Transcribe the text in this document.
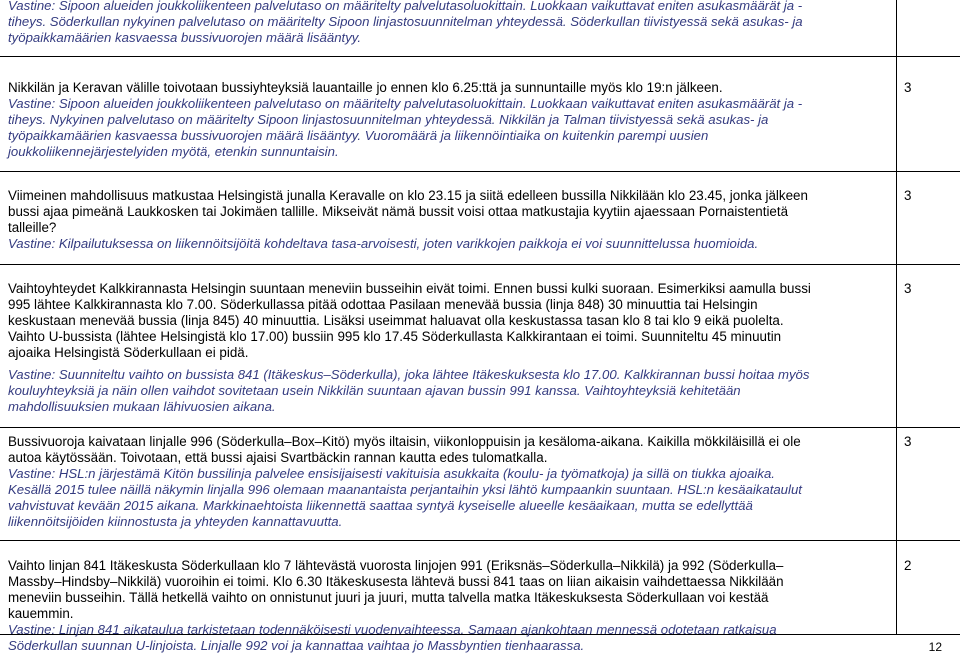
Vastine: Sipoon alueiden joukkoliikenteen palvelutaso on määritelty palvelutasoluokittain. Luokkaan vaikuttavat eniten asukasmäärät ja -tiheys. Söderkullan nykyinen palvelutaso on määritelty Sipoon linjastosuunnitelman yhteydessä. Söderkullan tiivistyessä sekä asukas- ja työpaikkamäärien kasvaessa bussivuorojen määrä lisääntyy.

Nikkilän ja Keravan välille toivotaan bussiyhteyksiä lauantaille jo ennen klo 6.25:ttä ja sunnuntaille myös klo 19:n jälkeen.

Vastine: Sipoon alueiden joukkoliikenteen palvelutaso on määritelty palvelutasoluokittain. Luokkaan vaikuttavat eniten asukasmäärät ja -tiheys. Nykyinen palvelutaso on määritelty Sipoon linjastosuunnitelman yhteydessä. Nikkilän ja Talman tiivistyessä sekä asukas- ja työpaikkamäärien kasvaessa bussivuorojen määrä lisääntyy. Vuoromäärä ja liikennöintiaika on kuitenkin parempi uusien joukkoliikennejärjestelyiden myötä, etenkin sunnuntaisin.

3

Viimeinen mahdollisuus matkustaa Helsingistä junalla Keravalle on klo 23.15 ja siitä edelleen bussilla Nikkilään klo 23.45, jonka jälkeen bussi ajaa pimeänä Laukkosken tai Jokimäen tallille. Mikseivät nämä bussit voisi ottaa matkustajia kyytiin ajaessaan Pornaistentietä talleille?

Vastine: Kilpailutuksessa on liikennöitsijöitä kohdeltava tasa-arvoisesti, joten varikkojen paikkoja ei voi suunnittelussa huomioida.

3

Vaihtoyhteydet Kalkkirannasta Helsingin suuntaan meneviin busseihin eivät toimi. Ennen bussi kulki suoraan. Esimerkiksi aamulla bussi 995 lähtee Kalkkirannasta klo 7.00. Söderkullassa pitää odottaa Pasilaan menevää bussia (linja 848) 30 minuuttia tai Helsingin keskustaan menevää bussia (linja 845) 40 minuuttia. Lisäksi useimmat haluavat olla keskustassa tasan klo 8 tai klo 9 eikä puolelta. Vaihto U-bussista (lähtee Helsingistä klo 17.00) bussiin 995 klo 17.45 Söderkullasta Kalkkirantaan ei toimi. Suunniteltu 45 minuutin ajoaika Helsingistä Söderkullaan ei pidä.

Vastine: Suunniteltu vaihto on bussista 841 (Itäkeskus–Söderkulla), joka lähtee Itäkeskuksesta klo 17.00. Kalkkirannan bussi hoitaa myös kouluyhteyksiä ja näin ollen vaihdot sovitetaan usein Nikkilän suuntaan ajavan bussin 991 kanssa. Vaihtoyhteyksiä kehitetään mahdollisuuksien mukaan lähivuosien aikana.

3

Bussivuoroja kaivataan linjalle 996 (Söderkulla–Box–Kitö) myös iltaisin, viikonloppuisin ja kesäloma-aikana. Kaikilla mökkiläisillä ei ole autoa käytössään. Toivotaan, että bussi ajaisi Svartbäckin rannan kautta edes tulomatkalla.

Vastine: HSL:n järjestämä Kitön bussilinja palvelee ensisijaisesti vakituisia asukkaita (koulu- ja työmatkoja) ja sillä on tiukka ajoaika. Kesällä 2015 tulee näillä näkymin linjalla 996 olemaan maanantaista perjantaihin yksi lähtö kumpaankin suuntaan. HSL:n kesäaikataulut vahvistuvat kevään 2015 aikana. Markkinaehtoista liikennettä saattaa syntyä kyseiselle alueelle kesäaikaan, mutta se edellyttää liikennöitsijöiden kiinnostusta ja yhteyden kannattavuutta.

3

Vaihto linjan 841 Itäkeskusta Söderkullaan klo 7 lähtevästä vuorosta linjojen 991 (Eriksnäs–Söderkulla–Nikkilä) ja 992 (Söderkulla–Massby–Hindsby–Nikkilä) vuoroihin ei toimi. Klo 6.30 Itäkeskusesta lähtevä bussi 841 taas on liian aikaisin vaihdettaessa Nikkilään meneviin busseihin. Tällä hetkellä vaihto on onnistunut juuri ja juuri, mutta talvella matka Itäkeskuksesta Söderkullaan voi kestää kauemmin.

Vastine: Linjan 841 aikataulua tarkistetaan todennäköisesti vuodenvaihteessa. Samaan ajankohtaan mennessä odotetaan ratkaisua Söderkullan suunnan U-linjoista. Linjalle 992 voi ja kannattaa vaihtaa jo Massbyntien tienhaarassa.

2
12
